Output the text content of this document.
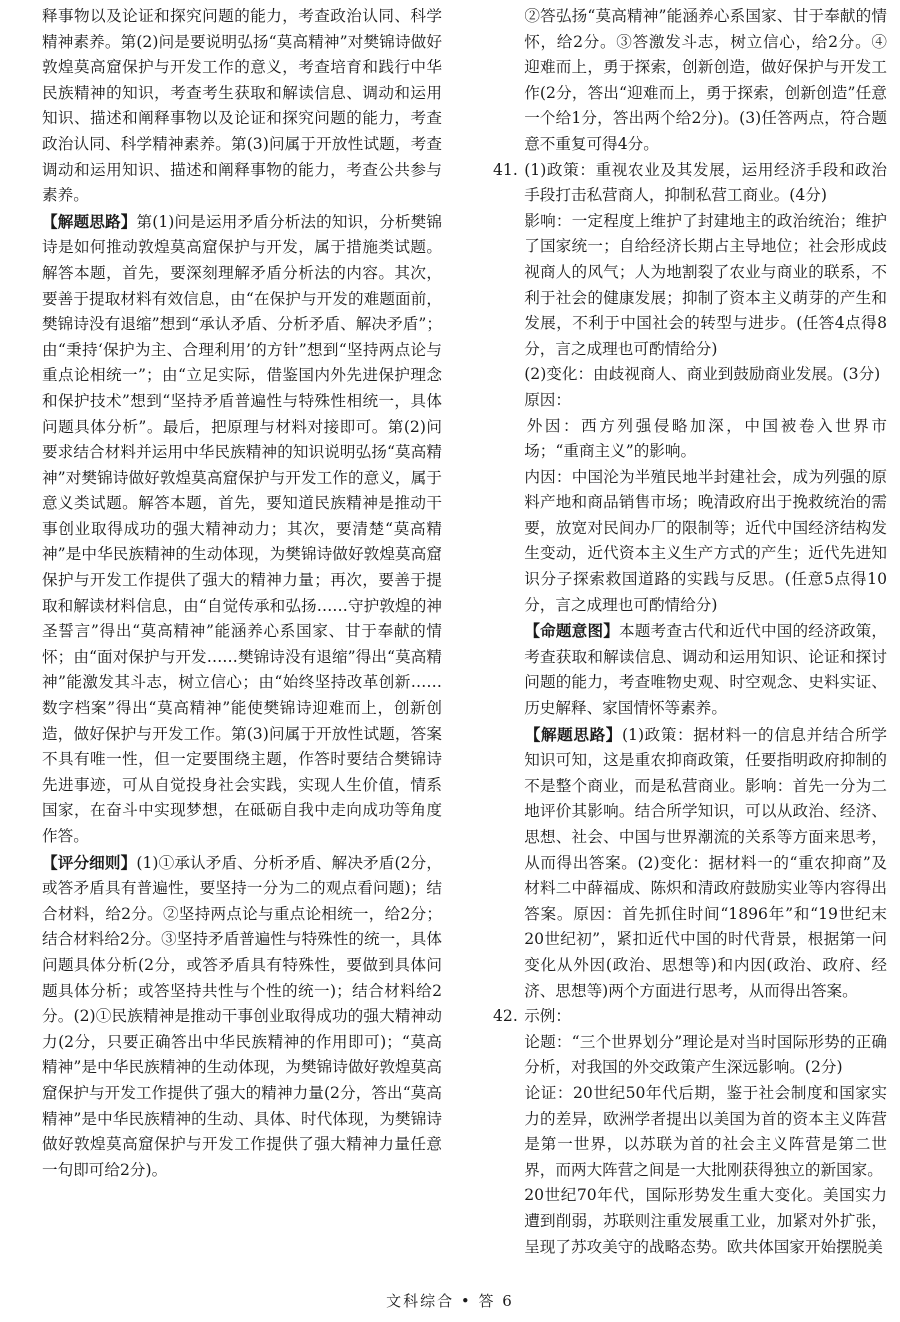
释事物以及论证和探究问题的能力，考查政治认同、科学精神素养。第(2)问是要说明弘扬“莫高精神”对樊锦诗做好敦煌莫高窟保护与开发工作的意义，考查培育和践行中华民族精神的知识，考查考生获取和解读信息、调动和运用知识、描述和阐释事物以及论证和探究问题的能力，考查政治认同、科学精神素养。第(3)问属于开放性试题，考查调动和运用知识、描述和阐释事物的能力，考查公共参与素养。

【解题思路】第(1)问是运用矛盾分析法的知识，分析樊锦诗是如何推动敦煌莫高窟保护与开发，属于措施类试题。解答本题，首先，要深刻理解矛盾分析法的内容。其次，要善于提取材料有效信息，由“在保护与开发的难题面前，樊锦诗没有退缩”想到“承认矛盾、分析矛盾、解决矛盾”；由“秉持‘保护为主、合理利用’的方针”想到“坚持两点论与重点论相统一”；由“立足实际，借鉴国内外先进保护理念和保护技术”想到“坚持矛盾普遍性与特殊性相统一，具体问题具体分析”。最后，把原理与材料对接即可。第(2)问要求结合材料并运用中华民族精神的知识说明弘扬“莫高精神”对樊锦诗做好敦煌莫高窟保护与开发工作的意义，属于意义类试题。解答本题，首先，要知道民族精神是推动干事创业取得成功的强大精神动力；其次，要清楚“莫高精神”是中华民族精神的生动体现，为樊锦诗做好敦煌莫高窟保护与开发工作提供了强大的精神力量；再次，要善于提取和解读材料信息，由“自觉传承和弘扬……守护敦煌的神圣誓言”得出“莫高精神”能涵养心系国家、甘于奉献的情怀；由“面对保护与开发……樊锦诗没有退缩”得出“莫高精神”能激发其斗志，树立信心；由“始终坚持改革创新……数字档案”得出“莫高精神”能使樊锦诗迎难而上，创新创造，做好保护与开发工作。第(3)问属于开放性试题，答案不具有唯一性，但一定要围绕主题，作答时要结合樊锦诗先进事迹，可从自觉投身社会实践，实现人生价值，情系国家，在奋斗中实现梦想，在砥砺自我中走向成功等角度作答。

【评分细则】(1)①承认矛盾、分析矛盾、解决矛盾(2分，或答矛盾具有普遍性，要坚持一分为二的观点看问题)；结合材料，给2分。②坚持两点论与重点论相统一，给2分；结合材料给2分。③坚持矛盾普遍性与特殊性的统一，具体问题具体分析(2分，或答矛盾具有特殊性，要做到具体问题具体分析；或答坚持共性与个性的统一)；结合材料给2分。(2)①民族精神是推动干事创业取得成功的强大精神动力(2分，只要正确答出中华民族精神的作用即可)；“莫高精神”是中华民族精神的生动体现，为樊锦诗做好敦煌莫高窟保护与开发工作提供了强大的精神力量(2分，答出“莫高精神”是中华民族精神的生动、具体、时代体现，为樊锦诗做好敦煌莫高窟保护与开发工作提供了强大精神力量任意一句即可给2分)。

②答弘扬“莫高精神”能涵养心系国家、甘于奉献的情怀，给2分。③答激发斗志，树立信心，给2分。④迎难而上，勇于探索，创新创造，做好保护与开发工作(2分，答出“迎难而上，勇于探索，创新创造”任意一个给1分，答出两个给2分)。(3)任答两点，符合题意不重复可得4分。

41. (1)政策：重视农业及其发展，运用经济手段和政治手段打击私营商人，抑制私营工商业。(4分)

影响：一定程度上维护了封建地主的政治统治；维护了国家统一；自给经济长期占主导地位；社会形成歧视商人的风气；人为地割裂了农业与商业的联系，不利于社会的健康发展；抑制了资本主义萌芽的产生和发展，不利于中国社会的转型与进步。(任答4点得8分，言之成理也可酌情给分)

(2)变化：由歧视商人、商业到鼓励商业发展。(3分)

原因：

外因：西方列强侵略加深，中国被卷入世界市场；“重商主义”的影响。

内因：中国沦为半殖民地半封建社会，成为列强的原料产地和商品销售市场；晚清政府出于挽救统治的需要，放宽对民间办厂的限制等；近代中国经济结构发生变动，近代资本主义生产方式的产生；近代先进知识分子探索救国道路的实践与反思。(任意5点得10分，言之成理也可酌情给分)

【命题意图】本题考查古代和近代中国的经济政策，考查获取和解读信息、调动和运用知识、论证和探讨问题的能力，考查唯物史观、时空观念、史料实证、历史解释、家国情怀等素养。

【解题思路】(1)政策：据材料一的信息并结合所学知识可知，这是重农抑商政策，任要指明政府抑制的不是整个商业，而是私营商业。影响：首先一分为二地评价其影响。结合所学知识，可以从政治、经济、思想、社会、中国与世界潮流的关系等方面来思考，从而得出答案。(2)变化：据材料一的“重农抑商”及材料二中薛福成、陈炽和清政府鼓励实业等内容得出答案。原因：首先抓住时间“1896年”和“19世纪末20世纪初”，紧扣近代中国的时代背景，根据第一问变化从外因(政治、思想等)和内因(政治、政府、经济、思想等)两个方面进行思考，从而得出答案。

42. 示例：

论题：“三个世界划分”理论是对当时国际形势的正确分析，对我国的外交政策产生深远影响。(2分)

论证：20世纪50年代后期，鉴于社会制度和国家实力的差异，欧洲学者提出以美国为首的资本主义阵营是第一世界，以苏联为首的社会主义阵营是第二世界，而两大阵营之间是一大批刚获得独立的新国家。

20世纪70年代，国际形势发生重大变化。美国实力遭到削弱，苏联则注重发展重工业，加紧对外扩张，呈现了苏攻美守的战略态势。欧共体国家开始摆脱美

文科综合 • 答 6
